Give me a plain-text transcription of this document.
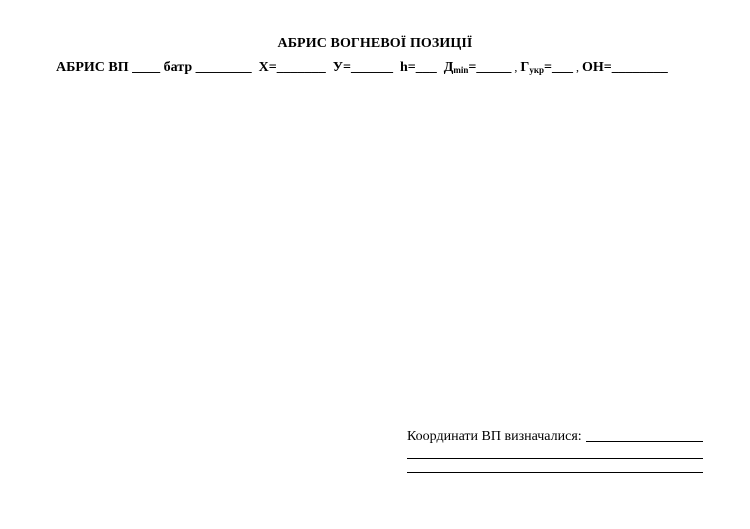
АБРИС ВОГНЕВОЇ ПОЗИЦІЇ
АБРИС ВП ____ батр ________  Х=_______  У=______  h=___  $Д_{min}=\_\_\_\_\_$ , $Г_{укр}=\_\_\_$ , ОН=________
Координати ВП визначалися:
